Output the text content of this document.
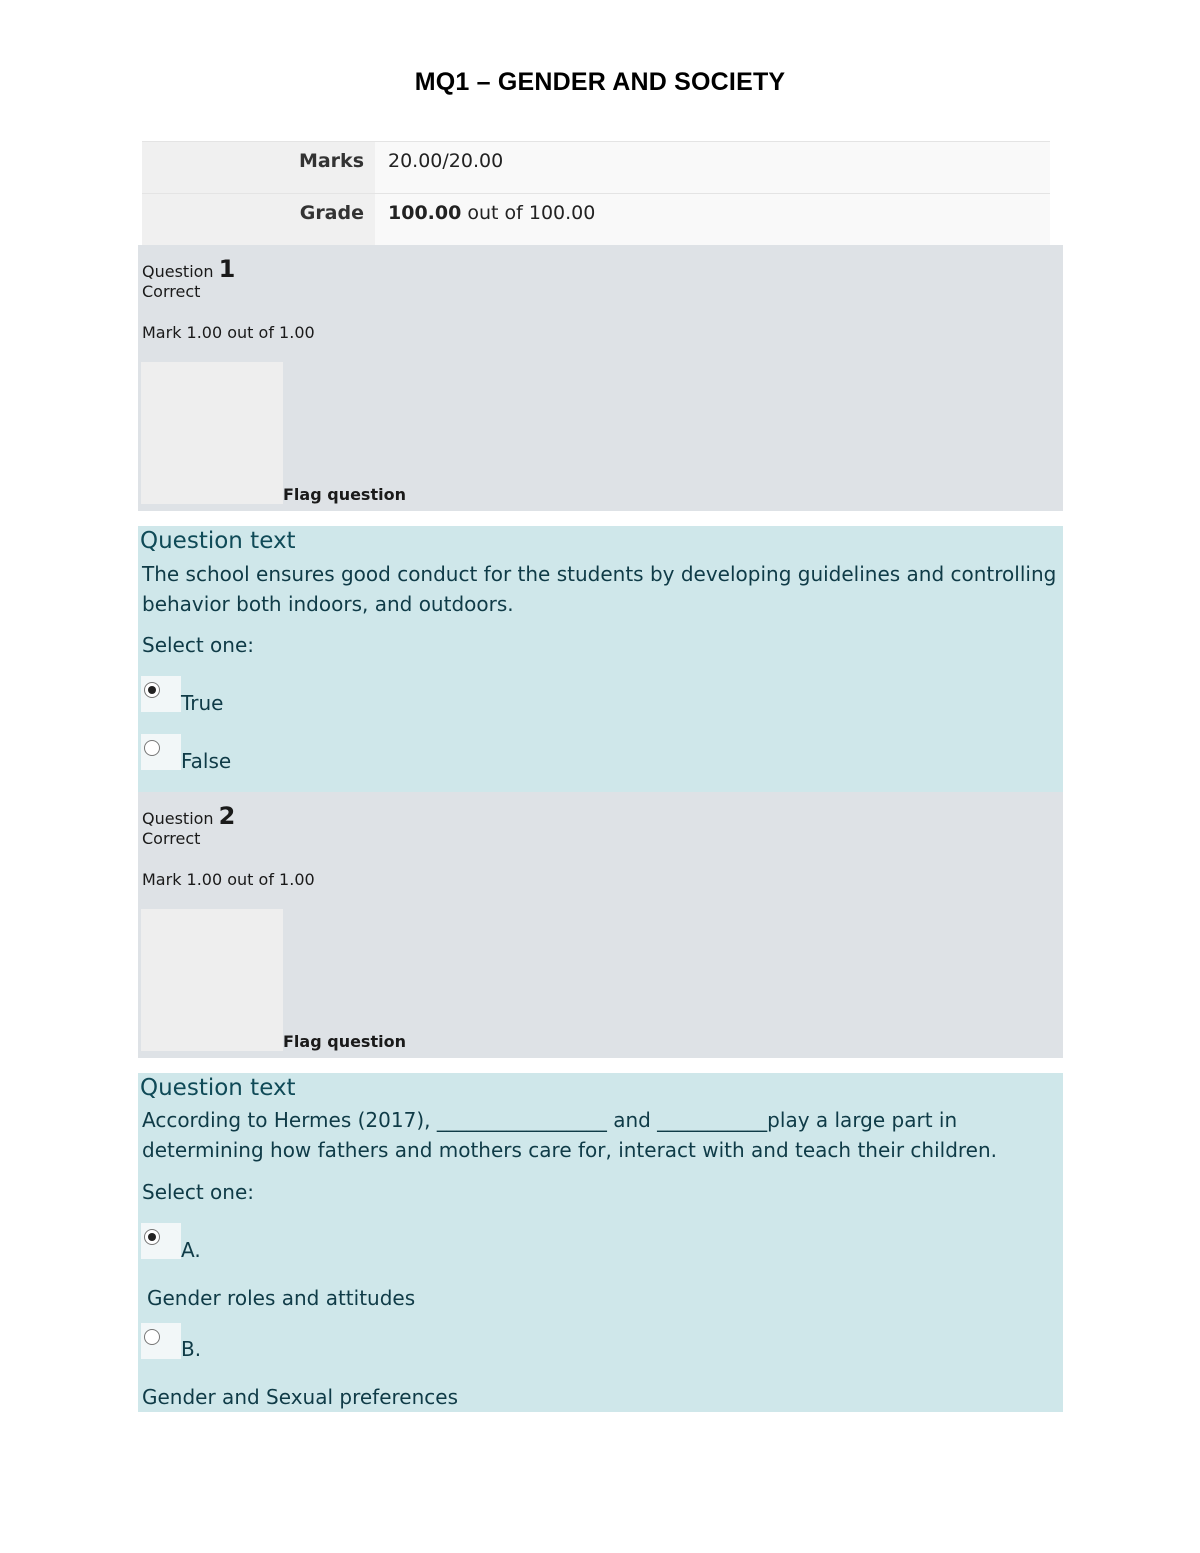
MQ1 – GENDER AND SOCIETY
Marks	20.00/20.00
Grade	100.00 out of 100.00
Question 1
Correct
Mark 1.00 out of 1.00
Flag question
Question text
The school ensures good conduct for the students by developing guidelines and controlling behavior both indoors, and outdoors.
Select one:
True
False
Question 2
Correct
Mark 1.00 out of 1.00
Flag question
Question text
According to Hermes (2017), _________________ and ___________play a large part in determining how fathers and mothers care for, interact with and teach their children.
Select one:
A.
Gender roles and attitudes
B.
Gender and Sexual preferences
